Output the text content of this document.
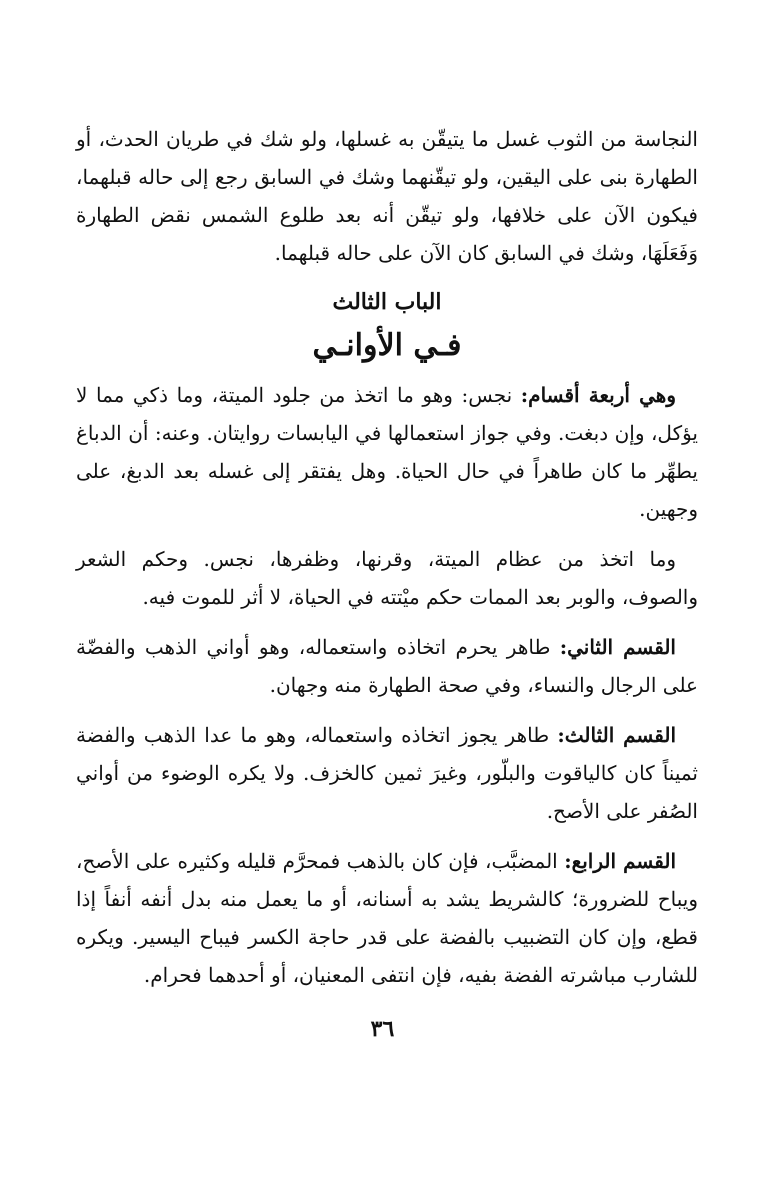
النجاسة من الثوب غسل ما يتيقّن به غسلها، ولو شك في طريان الحدث، أو الطهارة بنى على اليقين، ولو تيقّنهما وشك في السابق رجع إلى حاله قبلهما، فيكون الآن على خلافها، ولو تيقّن أنه بعد طلوع الشمس نقض الطهارة وَفَعَلَهَا، وشك في السابق كان الآن على حاله قبلهما.

الباب الثالث
فـي الأوانـي

وهي أربعة أقسام: نجس: وهو ما اتخذ من جلود الميتة، وما ذكي مما لا يؤكل، وإن دبغت. وفي جواز استعمالها في اليابسات روايتان. وعنه: أن الدباغ يطهِّر ما كان طاهراً في حال الحياة. وهل يفتقر إلى غسله بعد الدبغ، على وجهين.

وما اتخذ من عظام الميتة، وقرنها، وظفرها، نجس. وحكم الشعر والصوف، والوبر بعد الممات حكم ميْتته في الحياة، لا أثر للموت فيه.

القسم الثاني: طاهر يحرم اتخاذه واستعماله، وهو أواني الذهب والفضّة على الرجال والنساء، وفي صحة الطهارة منه وجهان.

القسم الثالث: طاهر يجوز اتخاذه واستعماله، وهو ما عدا الذهب والفضة ثميناً كان كالياقوت والبلّور، وغيرَ ثمين كالخزف. ولا يكره الوضوء من أواني الصُفر على الأصح.

القسم الرابع: المضبَّب، فإن كان بالذهب فمحرَّم قليله وكثيره على الأصح، ويباح للضرورة؛ كالشريط يشد به أسنانه، أو ما يعمل منه بدل أنفه أنفاً إذا قطع، وإن كان التضبيب بالفضة على قدر حاجة الكسر فيباح اليسير. ويكره للشارب مباشرته الفضة بفيه، فإن انتفى المعنيان، أو أحدهما فحرام.

٣٦
